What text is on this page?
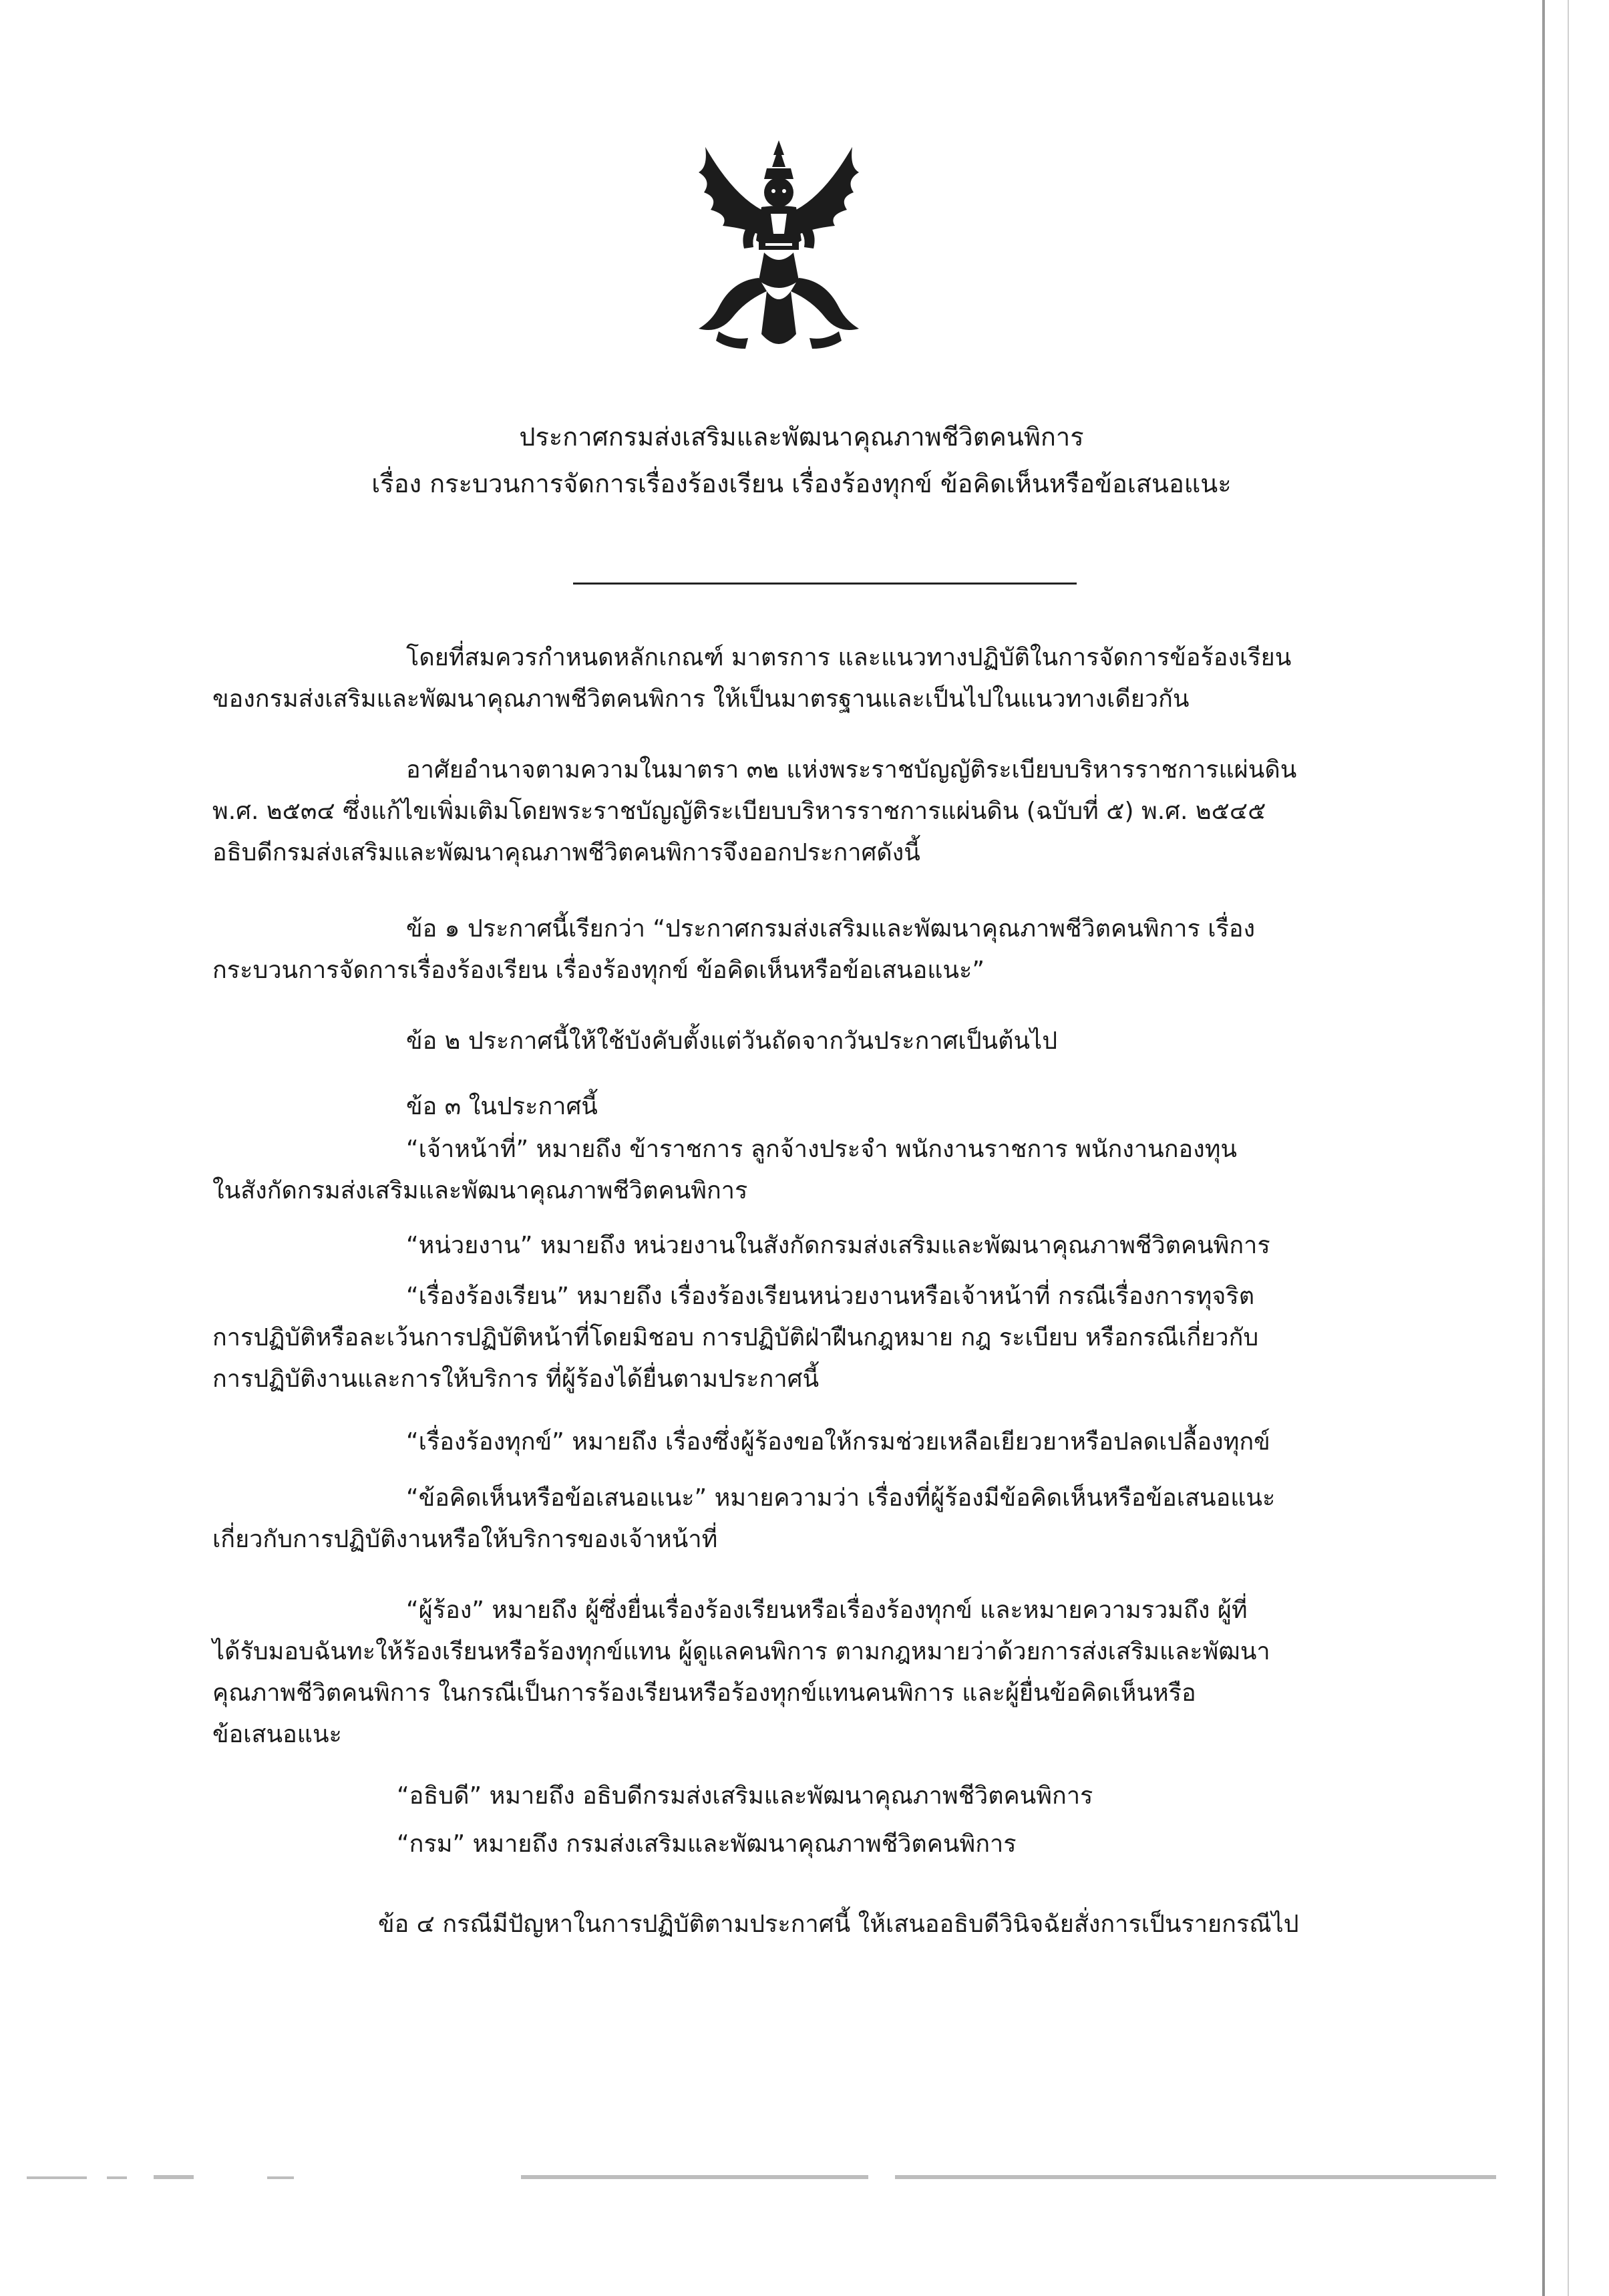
ประกาศกรมส่งเสริมและพัฒนาคุณภาพชีวิตคนพิการ
เรื่อง กระบวนการจัดการเรื่องร้องเรียน เรื่องร้องทุกข์ ข้อคิดเห็นหรือข้อเสนอแนะ
โดยที่สมควรกำหนดหลักเกณฑ์ มาตรการ และแนวทางปฏิบัติในการจัดการข้อร้องเรียน
ของกรมส่งเสริมและพัฒนาคุณภาพชีวิตคนพิการ ให้เป็นมาตรฐานและเป็นไปในแนวทางเดียวกัน
อาศัยอำนาจตามความในมาตรา ๓๒ แห่งพระราชบัญญัติระเบียบบริหารราชการแผ่นดิน
พ.ศ. ๒๕๓๔ ซึ่งแก้ไขเพิ่มเติมโดยพระราชบัญญัติระเบียบบริหารราชการแผ่นดิน (ฉบับที่ ๕) พ.ศ. ๒๕๔๕
อธิบดีกรมส่งเสริมและพัฒนาคุณภาพชีวิตคนพิการจึงออกประกาศดังนี้
ข้อ ๑ ประกาศนี้เรียกว่า “ประกาศกรมส่งเสริมและพัฒนาคุณภาพชีวิตคนพิการ เรื่อง
กระบวนการจัดการเรื่องร้องเรียน เรื่องร้องทุกข์ ข้อคิดเห็นหรือข้อเสนอแนะ”
ข้อ ๒ ประกาศนี้ให้ใช้บังคับตั้งแต่วันถัดจากวันประกาศเป็นต้นไป
ข้อ ๓ ในประกาศนี้
“เจ้าหน้าที่” หมายถึง ข้าราชการ ลูกจ้างประจำ พนักงานราชการ พนักงานกองทุน
ในสังกัดกรมส่งเสริมและพัฒนาคุณภาพชีวิตคนพิการ
“หน่วยงาน” หมายถึง หน่วยงานในสังกัดกรมส่งเสริมและพัฒนาคุณภาพชีวิตคนพิการ
“เรื่องร้องเรียน” หมายถึง เรื่องร้องเรียนหน่วยงานหรือเจ้าหน้าที่ กรณีเรื่องการทุจริต
การปฏิบัติหรือละเว้นการปฏิบัติหน้าที่โดยมิชอบ การปฏิบัติฝ่าฝืนกฎหมาย กฎ ระเบียบ หรือกรณีเกี่ยวกับ
การปฏิบัติงานและการให้บริการ ที่ผู้ร้องได้ยื่นตามประกาศนี้
“เรื่องร้องทุกข์” หมายถึง เรื่องซึ่งผู้ร้องขอให้กรมช่วยเหลือเยียวยาหรือปลดเปลื้องทุกข์
“ข้อคิดเห็นหรือข้อเสนอแนะ” หมายความว่า เรื่องที่ผู้ร้องมีข้อคิดเห็นหรือข้อเสนอแนะ
เกี่ยวกับการปฏิบัติงานหรือให้บริการของเจ้าหน้าที่
“ผู้ร้อง” หมายถึง ผู้ซึ่งยื่นเรื่องร้องเรียนหรือเรื่องร้องทุกข์ และหมายความรวมถึง ผู้ที่
ได้รับมอบฉันทะให้ร้องเรียนหรือร้องทุกข์แทน ผู้ดูแลคนพิการ ตามกฎหมายว่าด้วยการส่งเสริมและพัฒนา
คุณภาพชีวิตคนพิการ ในกรณีเป็นการร้องเรียนหรือร้องทุกข์แทนคนพิการ และผู้ยื่นข้อคิดเห็นหรือ
ข้อเสนอแนะ
“อธิบดี” หมายถึง อธิบดีกรมส่งเสริมและพัฒนาคุณภาพชีวิตคนพิการ
“กรม” หมายถึง กรมส่งเสริมและพัฒนาคุณภาพชีวิตคนพิการ
ข้อ ๔ กรณีมีปัญหาในการปฏิบัติตามประกาศนี้ ให้เสนออธิบดีวินิจฉัยสั่งการเป็นรายกรณีไป
